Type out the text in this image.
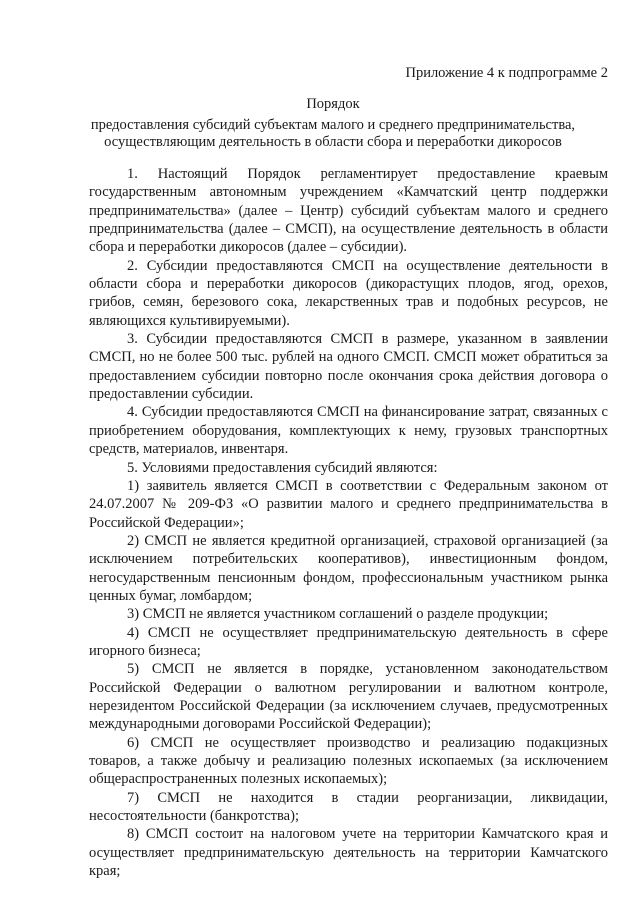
Приложение 4 к подпрограмме 2
Порядок
предоставления субсидий субъектам малого и среднего предпринимательства,
осуществляющим деятельность в области сбора и переработки дикоросов

1. Настоящий Порядок регламентирует предоставление краевым государственным автономным учреждением «Камчатский центр поддержки предпринимательства» (далее – Центр) субсидий субъектам малого и среднего предпринимательства (далее – СМСП), на осуществление деятельность в области сбора и переработки дикоросов (далее – субсидии).

2. Субсидии предоставляются СМСП на осуществление деятельности в области сбора и переработки дикоросов (дикорастущих плодов, ягод, орехов, грибов, семян, березового сока, лекарственных трав и подобных ресурсов, не являющихся культивируемыми).

3. Субсидии предоставляются СМСП в размере, указанном в заявлении СМСП, но не более 500 тыс. рублей на одного СМСП. СМСП может обратиться за предоставлением субсидии повторно после окончания срока действия договора о предоставлении субсидии.

4. Субсидии предоставляются СМСП на финансирование затрат, связанных с приобретением оборудования, комплектующих к нему, грузовых транспортных средств, материалов, инвентаря.

5. Условиями предоставления субсидий являются:

1) заявитель является СМСП в соответствии с Федеральным законом от 24.07.2007 № 209-ФЗ «О развитии малого и среднего предпринимательства в Российской Федерации»;

2) СМСП не является кредитной организацией, страховой организацией (за исключением потребительских кооперативов), инвестиционным фондом, негосударственным пенсионным фондом, профессиональным участником рынка ценных бумаг, ломбардом;

3) СМСП не является участником соглашений о разделе продукции;

4) СМСП не осуществляет предпринимательскую деятельность в сфере игорного бизнеса;

5) СМСП не является в порядке, установленном законодательством Российской Федерации о валютном регулировании и валютном контроле, нерезидентом Российской Федерации (за исключением случаев, предусмотренных международными договорами Российской Федерации);

6) СМСП не осуществляет производство и реализацию подакцизных товаров, а также добычу и реализацию полезных ископаемых (за исключением общераспространенных полезных ископаемых);

7) СМСП не находится в стадии реорганизации, ликвидации, несостоятельности (банкротства);

8) СМСП состоит на налоговом учете на территории Камчатского края и осуществляет предпринимательскую деятельность на территории Камчатского края;
